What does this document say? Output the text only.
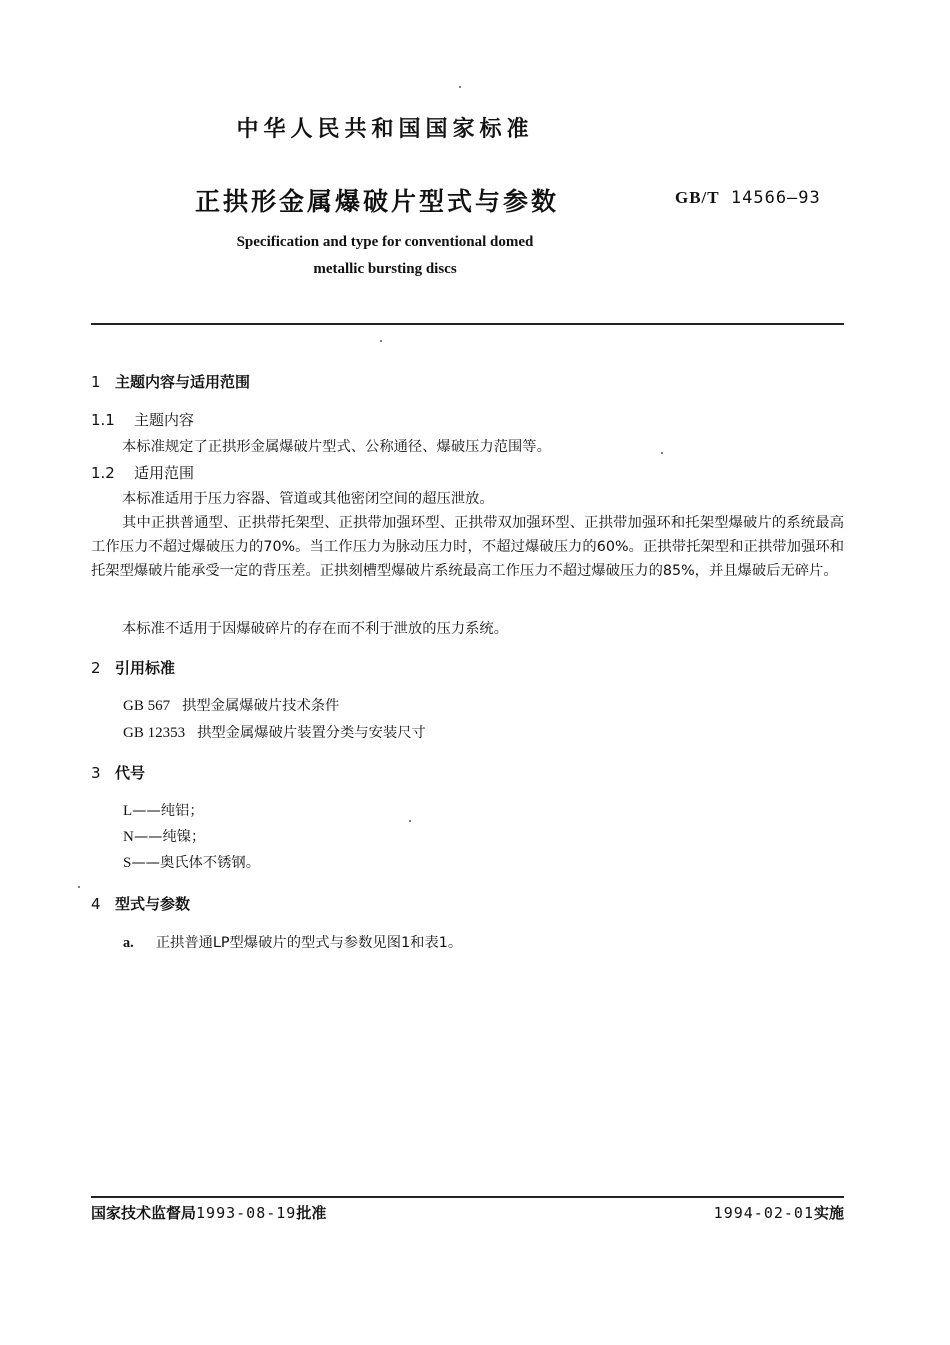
中华人民共和国国家标准
正拱形金属爆破片型式与参数	GB/T 14566—93
Specification and type for conventional domed
metallic bursting discs
1 主题内容与适用范围
1.1 主题内容
本标准规定了正拱形金属爆破片型式、公称通径、爆破压力范围等。
1.2 适用范围
本标准适用于压力容器、管道或其他密闭空间的超压泄放。
其中正拱普通型、正拱带托架型、正拱带加强环型、正拱带双加强环型、正拱带加强环和托架型爆破片的系统最高工作压力不超过爆破压力的70%。当工作压力为脉动压力时，不超过爆破压力的60%。正拱带托架型和正拱带加强环和托架型爆破片能承受一定的背压差。正拱刻槽型爆破片系统最高工作压力不超过爆破压力的85%，并且爆破后无碎片。
本标准不适用于因爆破碎片的存在而不利于泄放的压力系统。
2 引用标准
GB 567 拱型金属爆破片技术条件
GB 12353 拱型金属爆破片装置分类与安装尺寸
3 代号
L——纯铝；
N——纯镍；
S——奥氏体不锈钢。
4 型式与参数
a. 正拱普通LP型爆破片的型式与参数见图1和表1。
国家技术监督局1993-08-19批准	1994-02-01实施
